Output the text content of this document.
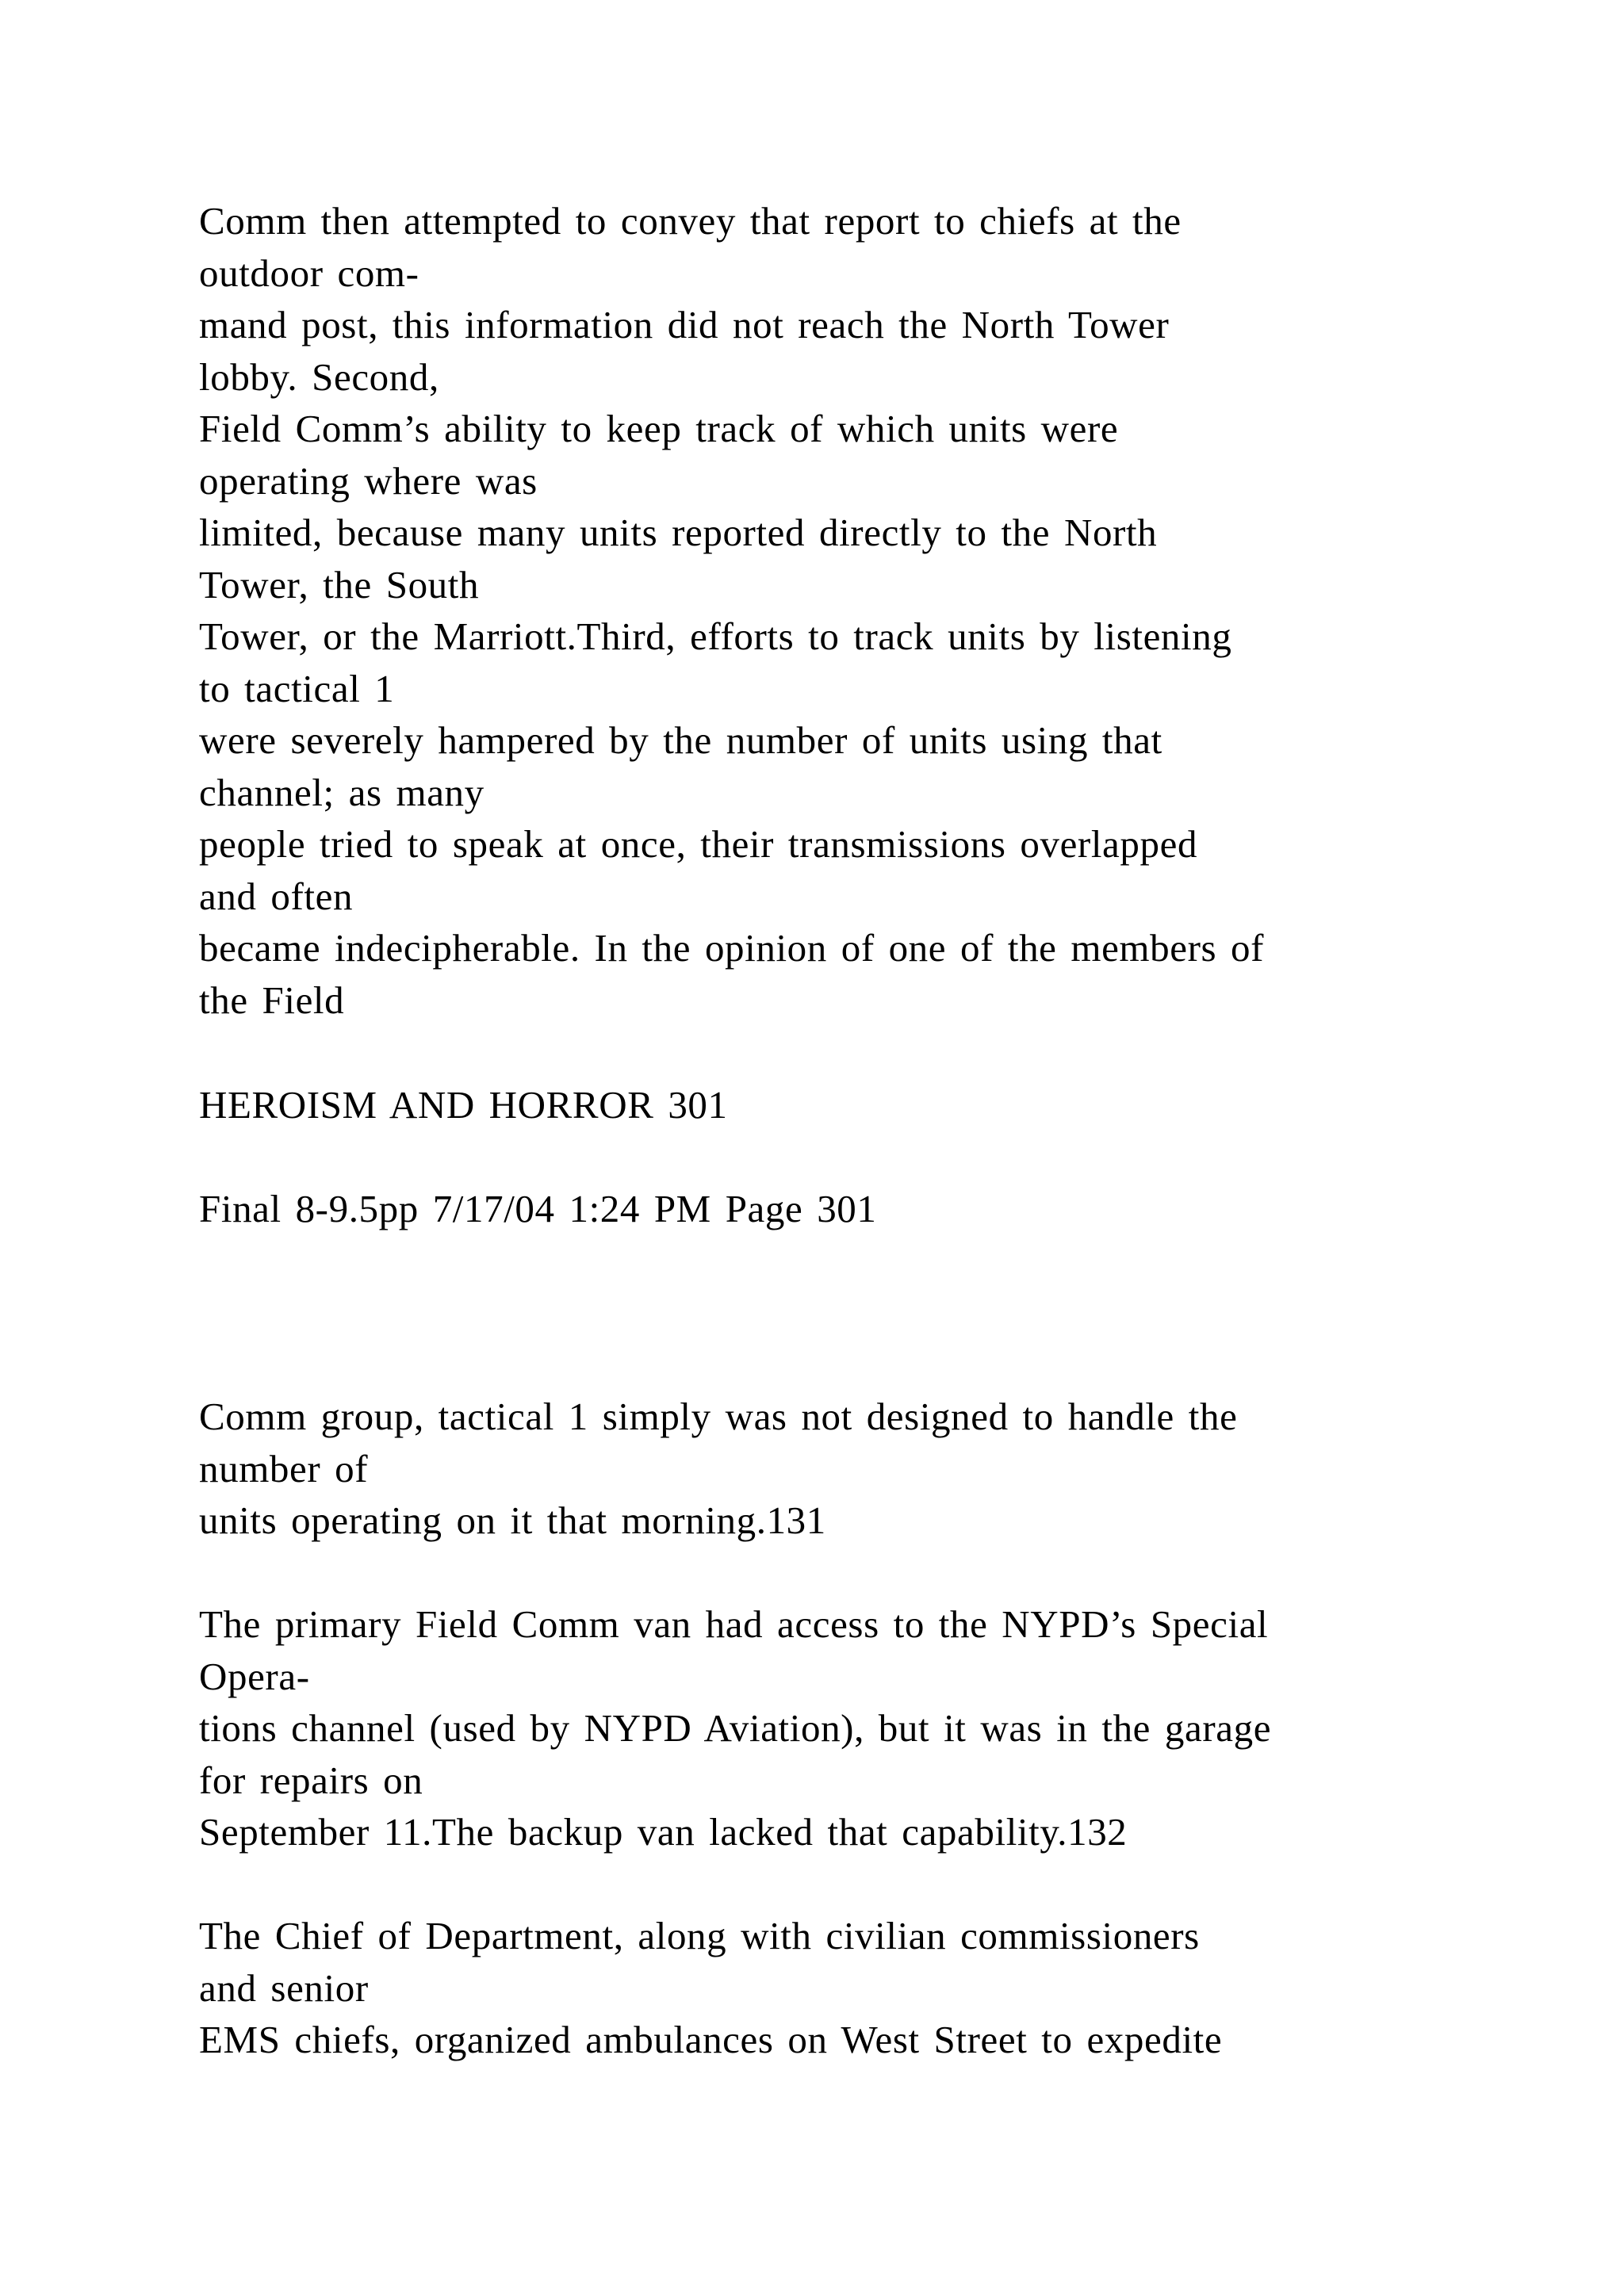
Comm then attempted to convey that report to chiefs at the
outdoor com-
mand post, this information did not reach the North Tower
lobby. Second,
Field Comm’s ability to keep track of which units were
operating where was
limited, because many units reported directly to the North
Tower, the South
Tower, or the Marriott.Third, efforts to track units by listening
to tactical 1
were severely hampered by the number of units using that
channel; as many
people tried to speak at once, their transmissions overlapped
and often
became indecipherable. In the opinion of one of the members of
the Field
HEROISM AND HORROR 301
Final 8-9.5pp 7/17/04 1:24 PM Page 301
Comm group, tactical 1 simply was not designed to handle the
number of
units operating on it that morning.131
The primary Field Comm van had access to the NYPD’s Special
Opera-
tions channel (used by NYPD Aviation), but it was in the garage
for repairs on
September 11.The backup van lacked that capability.132
The Chief of Department, along with civilian commissioners
and senior
EMS chiefs, organized ambulances on West Street to expedite
